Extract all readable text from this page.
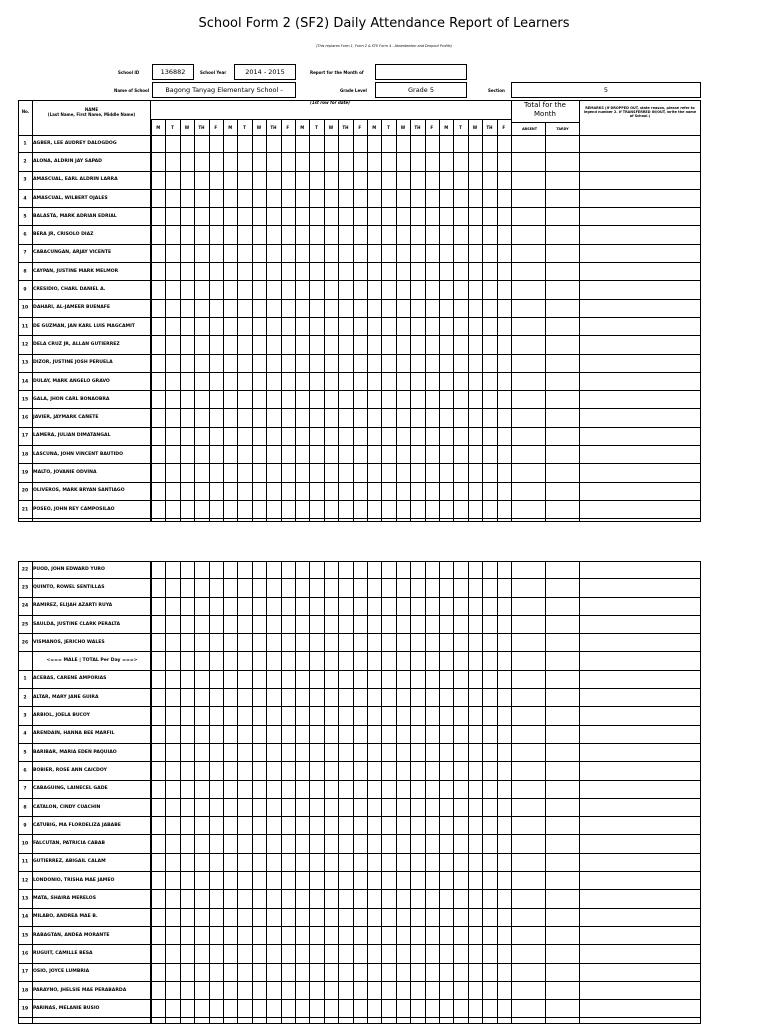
School Form 2 (SF2) Daily Attendance Report of Learners
(This replaces Form 1, Form 2 & STS Form 4 - Absenteeism and Dropout Profile)
School ID	136882	School Year	2014 - 2015	Report for the Month of
Name of School	Bagong Tanyag Elementary School -	Grade Level	Grade 5	Section	5
No.	NAME
(Last Name, First Name, Middle Name)
(1st row for date)	Total for the Month
ABSENT	TARDY
REMARKS (If DROPPED OUT, state reason, please refer to legend number 2. If TRANSFERRED IN/OUT, write the name of School.)
M	T	W	TH	F	M	T	W	TH	F	M	T	W	TH	F	M	T	W	TH	F	M	T	W	TH	F
1	AGBER, LEE AUDREY DALOGDOG
2	ALONA, ALDRIN JAY SAPAD
3	AMASCUAL, EARL ALDRIN LARRA
4	AMASCUAL, WILBERT OJALES
5	BALASTA, MARK ADRIAN EDRIAL
6	BERA JR, CRISOLO DIAZ
7	CABACUNGAN, ARJAY VICENTE
8	CAYPAN, JUSTINE MARK MELMOR
9	CRESIDIO, CHARL DANIEL A.
10	DAHARI, AL-JAMEER BUENAFE
11	DE GUZMAN, JAN KARL LUIS MAGCAMIT
12	DELA CRUZ JR, ALLAN GUTIERREZ
13	DIZOR, JUSTINE JOSH PERUELA
14	DULAY, MARK ANGELO GRAVO
15	GALA, JHON CARL BONAOBRA
16	JAVIER, JAYMARK CAÑETE
17	LAMERA, JULIAN DIMATANGAL
18	LASCUNA, JOHN VINCENT BAUTIDO
19	MALTO, JOVANIE ODVINA
20	OLIVEROS, MARK BRYAN SANTIAGO
21	POSEO, JOHN REY CAMPOSILAO
22	PUOD, JOHN EDWARD YURO
23	QUINTO, ROWEL SENTILLAS
24	RAMIREZ, ELIJAH AZARTI RUYA
25	SAULDA, JUSTINE CLARK PERALTA
26	VISMANOS, JERICHO WALES
<=== MALE | TOTAL Per Day ===>
1	ACEBAS, CARENE AMPORIAS
2	ALTAR, MARY JANE GUIRA
3	ARBIOL, JOELA BUCOY
4	ARENDAIN, HANNA BEE MARFIL
5	BARIBAR, MARIA EDEN PAQUIAO
6	BOBIER, ROSE ANN CAICDOY
7	CABAGUING, LAINECEL GADE
8	CATALON, CINDY CUACHIN
9	CATUBIG, MA FLORDELIZA JABABE
10	FALCUTAN, PATRICIA CABAB
11	GUTIERREZ, ABIGAIL CALAM
12	LONDONIO, TRISHA MAE JAMEO
13	MATA, SHAIRA MERELOS
14	MILABO, ANDREA MAE B.
15	RABAGTAN, ANDEA MORANTE
16	RUGUIT, CAMILLE BESA
17	OSIO, JOYCE LUMBRIA
18	PARAYNO, JHELSIE MAE PERABARDA
19	PARINAS, MELANIE BUSIO
